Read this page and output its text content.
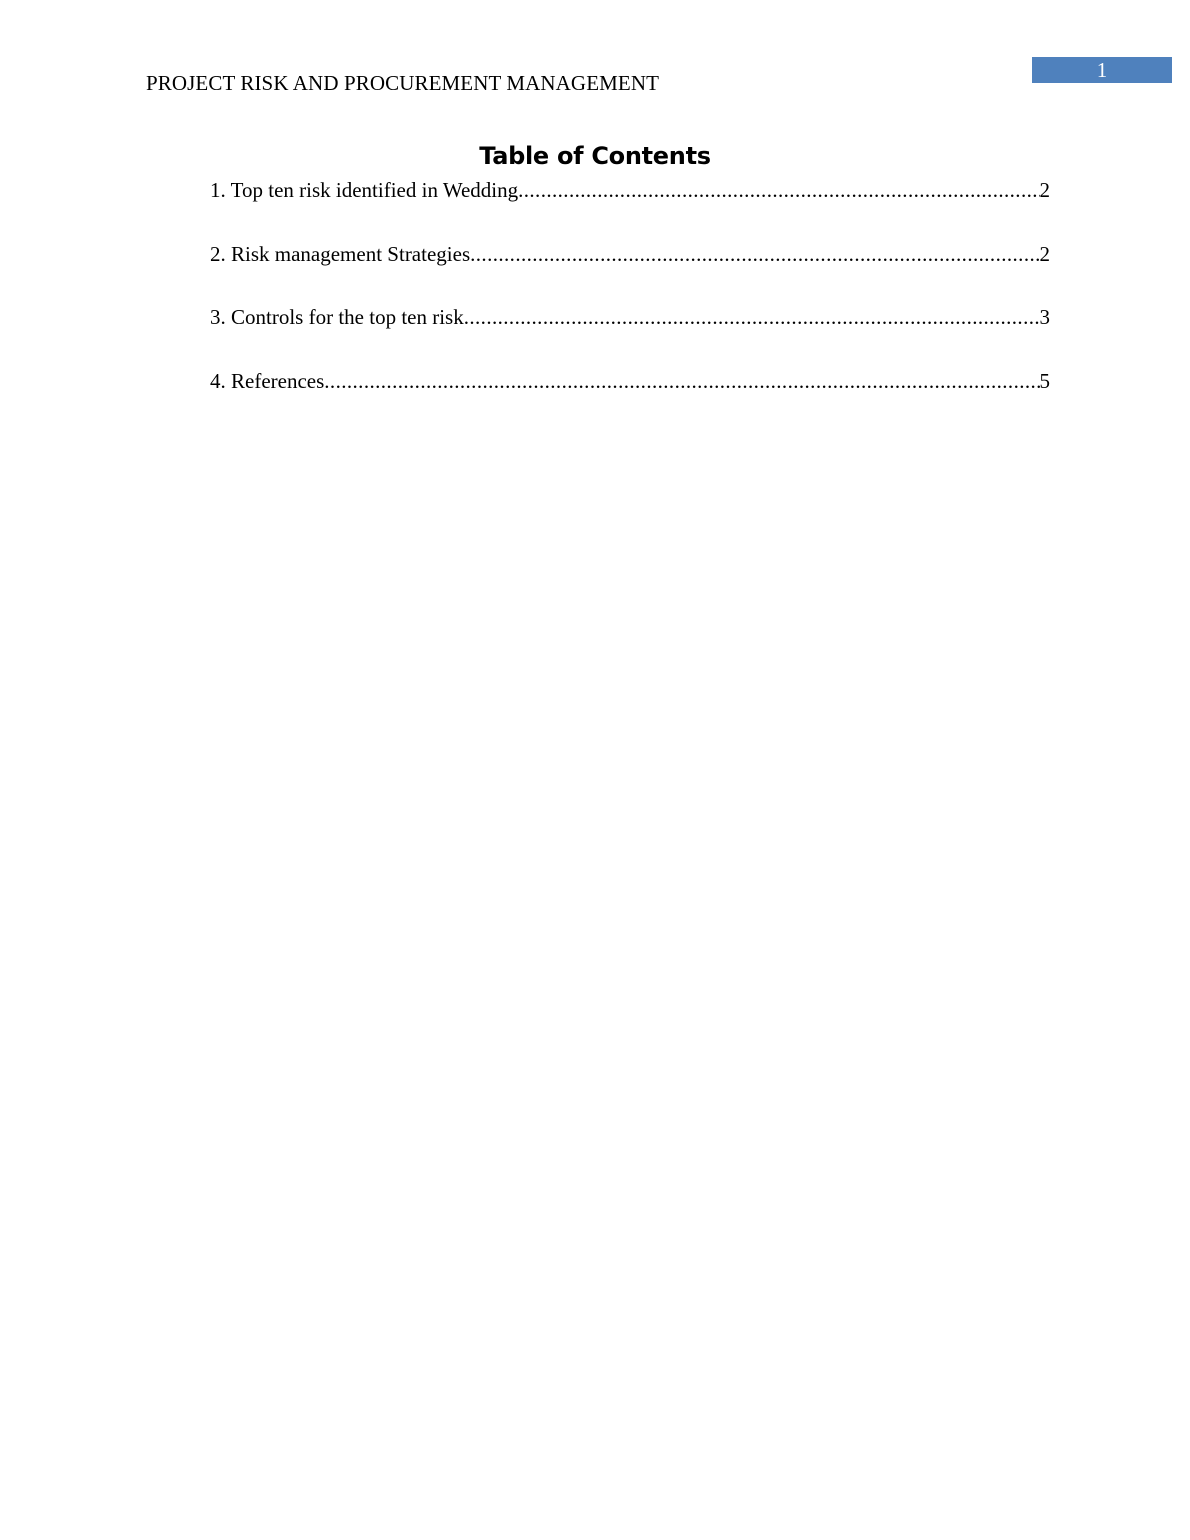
1
PROJECT RISK AND PROCUREMENT MANAGEMENT
Table of Contents
1. Top ten risk identified in Wedding .....	2
2. Risk management Strategies .....	2
3. Controls for the top ten risk .....	3
4. References .....	5
